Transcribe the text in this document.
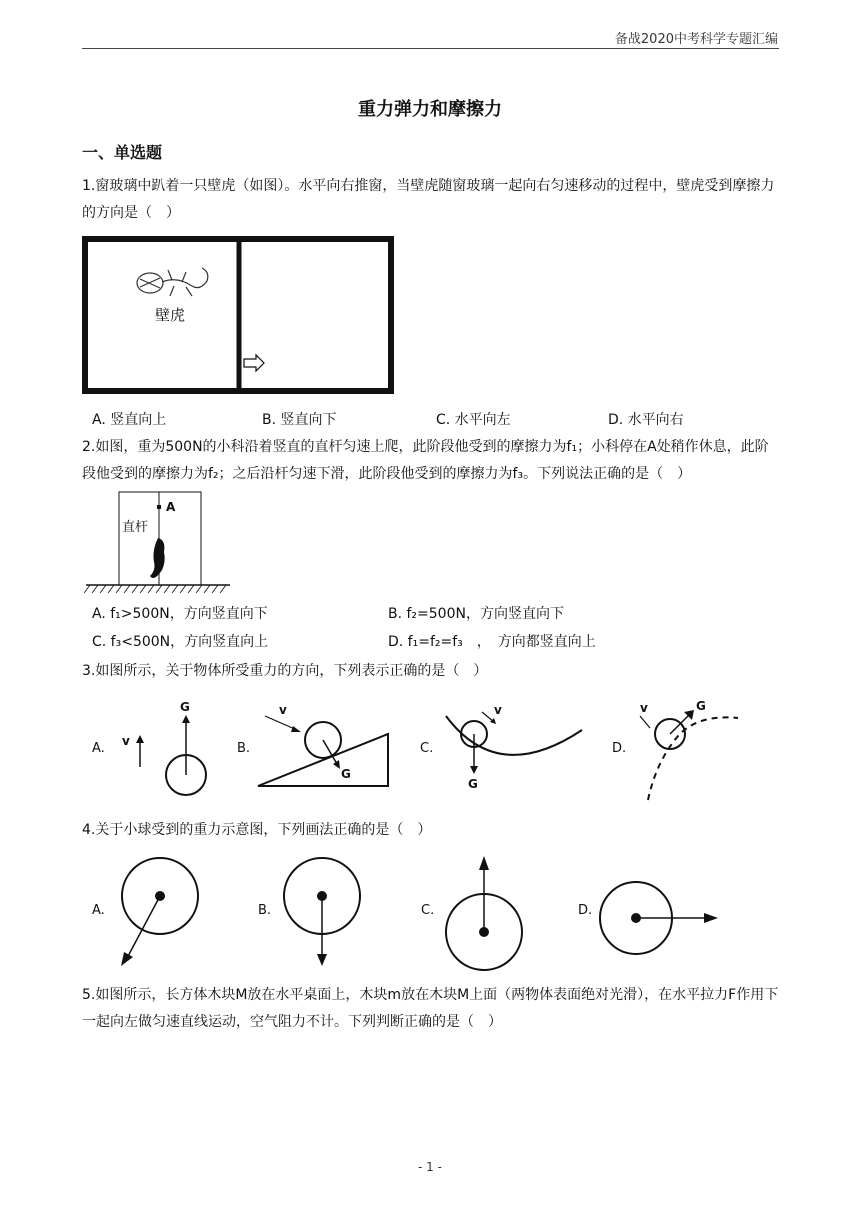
备战2020中考科学专题汇编
重力弹力和摩擦力
一、单选题
1.窗玻璃中趴着一只壁虎（如图）。水平向右推窗，当壁虎随窗玻璃一起向右匀速移动的过程中，壁虎受到摩擦力的方向是（　）
壁虎
A. 竖直向上	B. 竖直向下	C. 水平向左	D. 水平向右
2.如图，重为500N的小科沿着竖直的直杆匀速上爬，此阶段他受到的摩擦力为f₁；小科停在A处稍作休息，此阶段他受到的摩擦力为f₂；之后沿杆匀速下滑，此阶段他受到的摩擦力为f₃。下列说法正确的是（　）
A
直杆
A. f₁>500N，方向竖直向下	B. f₂=500N，方向竖直向下
C. f₃<500N，方向竖直向上	D. f₁=f₂=f₃　，　方向都竖直向上
3.如图所示，关于物体所受重力的方向，下列表示正确的是（　）
A. v
G
B.
G
v
C.
G
v
D.
G
v
4.关于小球受到的重力示意图，下列画法正确的是（　）
A.	B.	C.	D.
5.如图所示，长方体木块M放在水平桌面上，木块m放在木块M上面（两物体表面绝对光滑），在水平拉力F作用下一起向左做匀速直线运动，空气阻力不计。下列判断正确的是（　）
- 1 -
